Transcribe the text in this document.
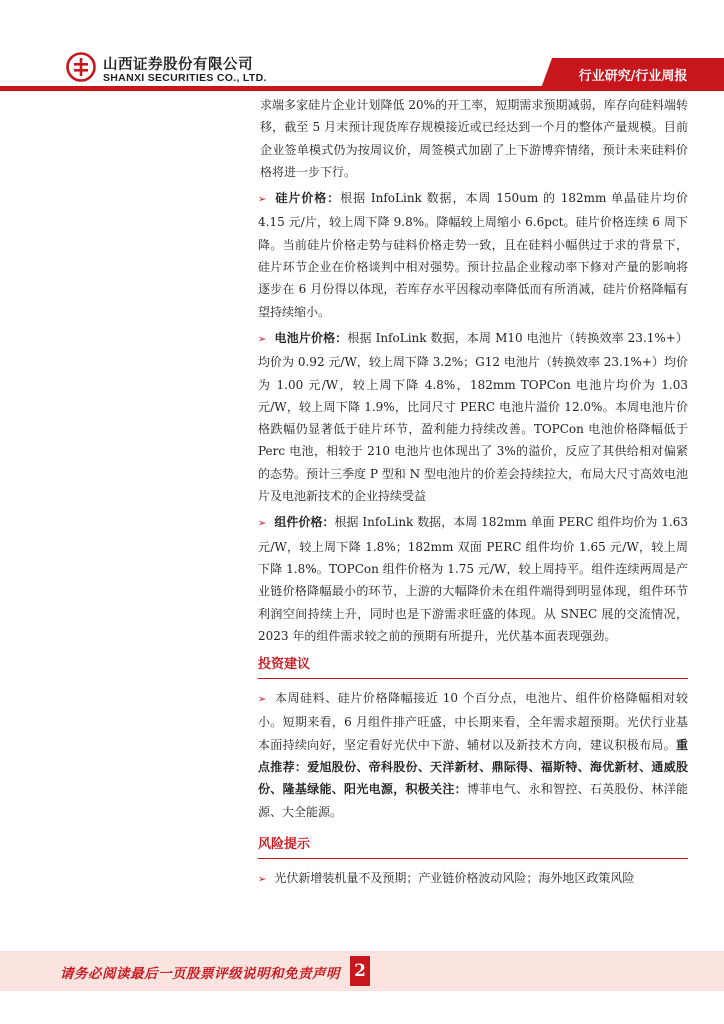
山西证券股份有限公司
SHANXI SECURITIES CO., LTD.	行业研究/行业周报

求端多家硅片企业计划降低 20%的开工率，短期需求预期减弱，库存向硅料端转移，截至 5 月末预计现货库存规模接近或已经达到一个月的整体产量规模。目前企业签单模式仍为按周议价，周签模式加剧了上下游博弈情绪，预计未来硅料价格将进一步下行。

➢ 硅片价格：根据 InfoLink 数据，本周 150um 的 182mm 单晶硅片均价 4.15 元/片，较上周下降 9.8%。降幅较上周缩小 6.6pct。硅片价格连续 6 周下降。当前硅片价格走势与硅料价格走势一致，且在硅料小幅供过于求的背景下，硅片环节企业在价格谈判中相对强势。预计拉晶企业稼动率下修对产量的影响将逐步在 6 月份得以体现，若库存水平因稼动率降低而有所消减，硅片价格降幅有望持续缩小。

➢ 电池片价格：根据 InfoLink 数据，本周 M10 电池片（转换效率 23.1%+）均价为 0.92 元/W，较上周下降 3.2%；G12 电池片（转换效率 23.1%+）均价为 1.00 元/W，较上周下降 4.8%，182mm TOPCon 电池片均价为 1.03 元/W，较上周下降 1.9%，比同尺寸 PERC 电池片溢价 12.0%。本周电池片价格跌幅仍显著低于硅片环节，盈利能力持续改善。TOPCon 电池价格降幅低于 Perc 电池，相较于 210 电池片也体现出了 3%的溢价，反应了其供给相对偏紧的态势。预计三季度 P 型和 N 型电池片的价差会持续拉大，布局大尺寸高效电池片及电池新技术的企业持续受益

➢ 组件价格：根据 InfoLink 数据，本周 182mm 单面 PERC 组件均价为 1.63 元/W，较上周下降 1.8%；182mm 双面 PERC 组件均价 1.65 元/W，较上周下降 1.8%。TOPCon 组件价格为 1.75 元/W，较上周持平。组件连续两周是产业链价格降幅最小的环节，上游的大幅降价未在组件端得到明显体现，组件环节利润空间持续上升，同时也是下游需求旺盛的体现。从 SNEC 展的交流情况，2023 年的组件需求较之前的预期有所提升，光伏基本面表现强劲。

投资建议

➢ 本周硅料、硅片价格降幅接近 10 个百分点，电池片、组件价格降幅相对较小。短期来看，6 月组件排产旺盛，中长期来看，全年需求超预期。光伏行业基本面持续向好，坚定看好光伏中下游、辅材以及新技术方向，建议积极布局。重点推荐：爱旭股份、帝科股份、天洋新材、鼎际得、福斯特、海优新材、通威股份、隆基绿能、阳光电源，积极关注：博菲电气、永和智控、石英股份、林洋能源、大全能源。

风险提示

➢ 光伏新增装机量不及预期；产业链价格波动风险；海外地区政策风险

请务必阅读最后一页股票评级说明和免责声明 2
